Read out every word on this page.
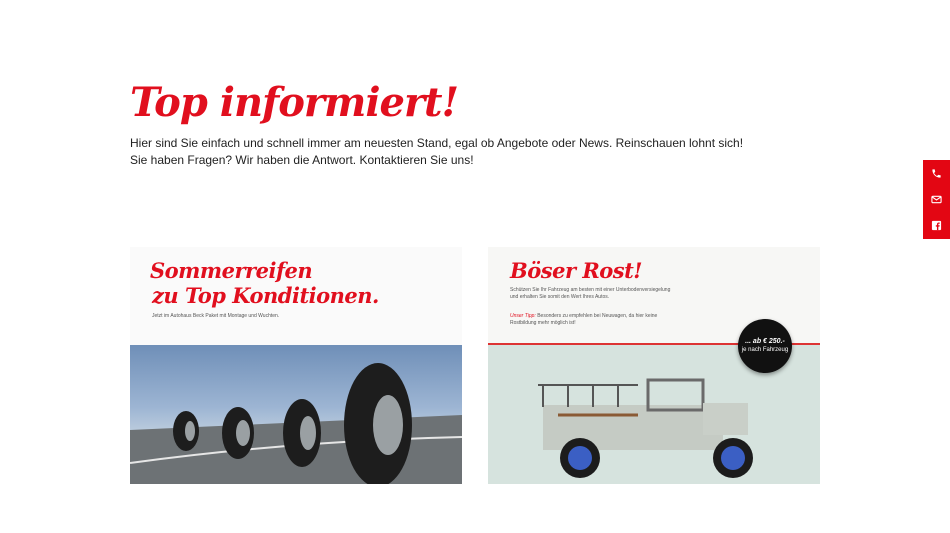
Top informiert!
Hier sind Sie einfach und schnell immer am neuesten Stand, egal ob Angebote oder News. Reinschauen lohnt sich!
Sie haben Fragen? Wir haben die Antwort. Kontaktieren Sie uns!
Sommerreifen
zu Top Konditionen.
Jetzt im Autohaus Beck Paket mit Montage und Wuchten.
Böser Rost!
Schützen Sie Ihr Fahrzeug am besten mit einer Unterbodenversiegelung
und erhalten Sie somit den Wert Ihres Autos.
Unser Tipp: Besonders zu empfehlen bei Neuwagen, da hier keine
Rostbildung mehr möglich ist!
... ab € 250.-
je nach Fahrzeug
